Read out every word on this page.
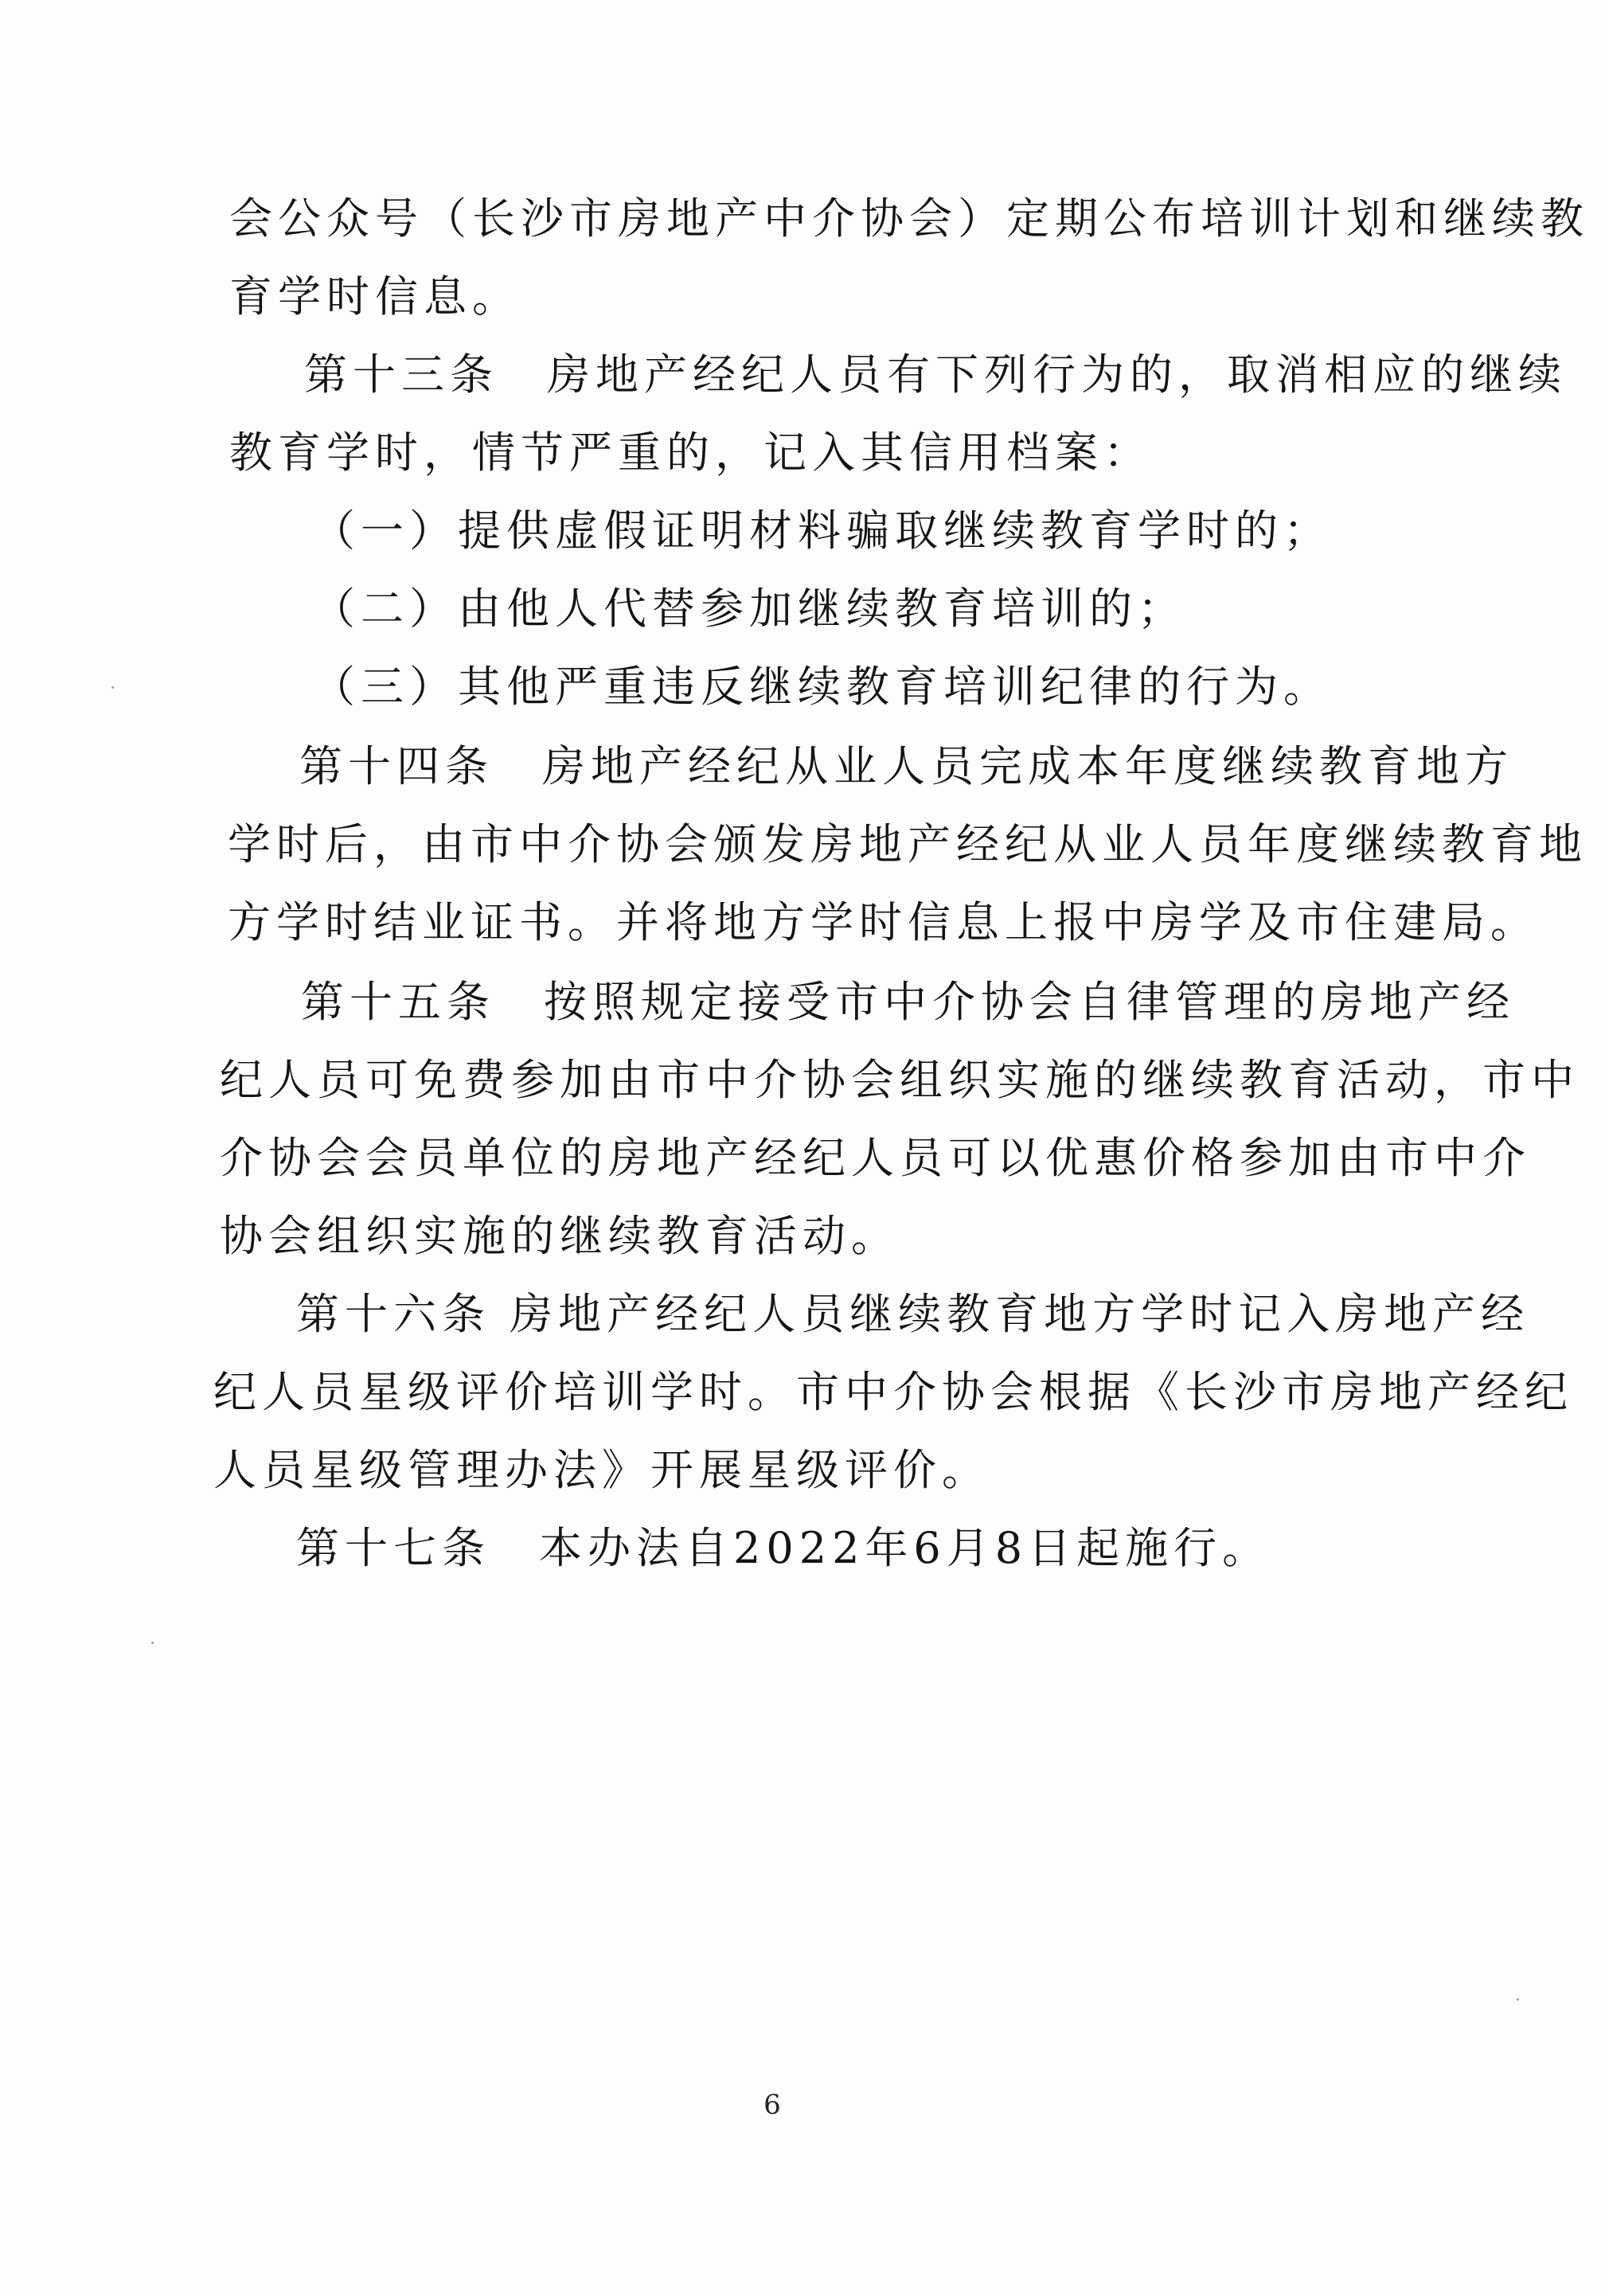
会公众号（长沙市房地产中介协会）定期公布培训计划和继续教
育学时信息。
第十三条　房地产经纪人员有下列行为的，取消相应的继续
教育学时，情节严重的，记入其信用档案：
（一）提供虚假证明材料骗取继续教育学时的；
（二）由他人代替参加继续教育培训的；
（三）其他严重违反继续教育培训纪律的行为。
第十四条　房地产经纪从业人员完成本年度继续教育地方
学时后，由市中介协会颁发房地产经纪从业人员年度继续教育地
方学时结业证书。并将地方学时信息上报中房学及市住建局。
第十五条　按照规定接受市中介协会自律管理的房地产经
纪人员可免费参加由市中介协会组织实施的继续教育活动，市中
介协会会员单位的房地产经纪人员可以优惠价格参加由市中介
协会组织实施的继续教育活动。
第十六条 房地产经纪人员继续教育地方学时记入房地产经
纪人员星级评价培训学时。市中介协会根据《长沙市房地产经纪
人员星级管理办法》开展星级评价。
第十七条　本办法自2022年6月8日起施行。
6
